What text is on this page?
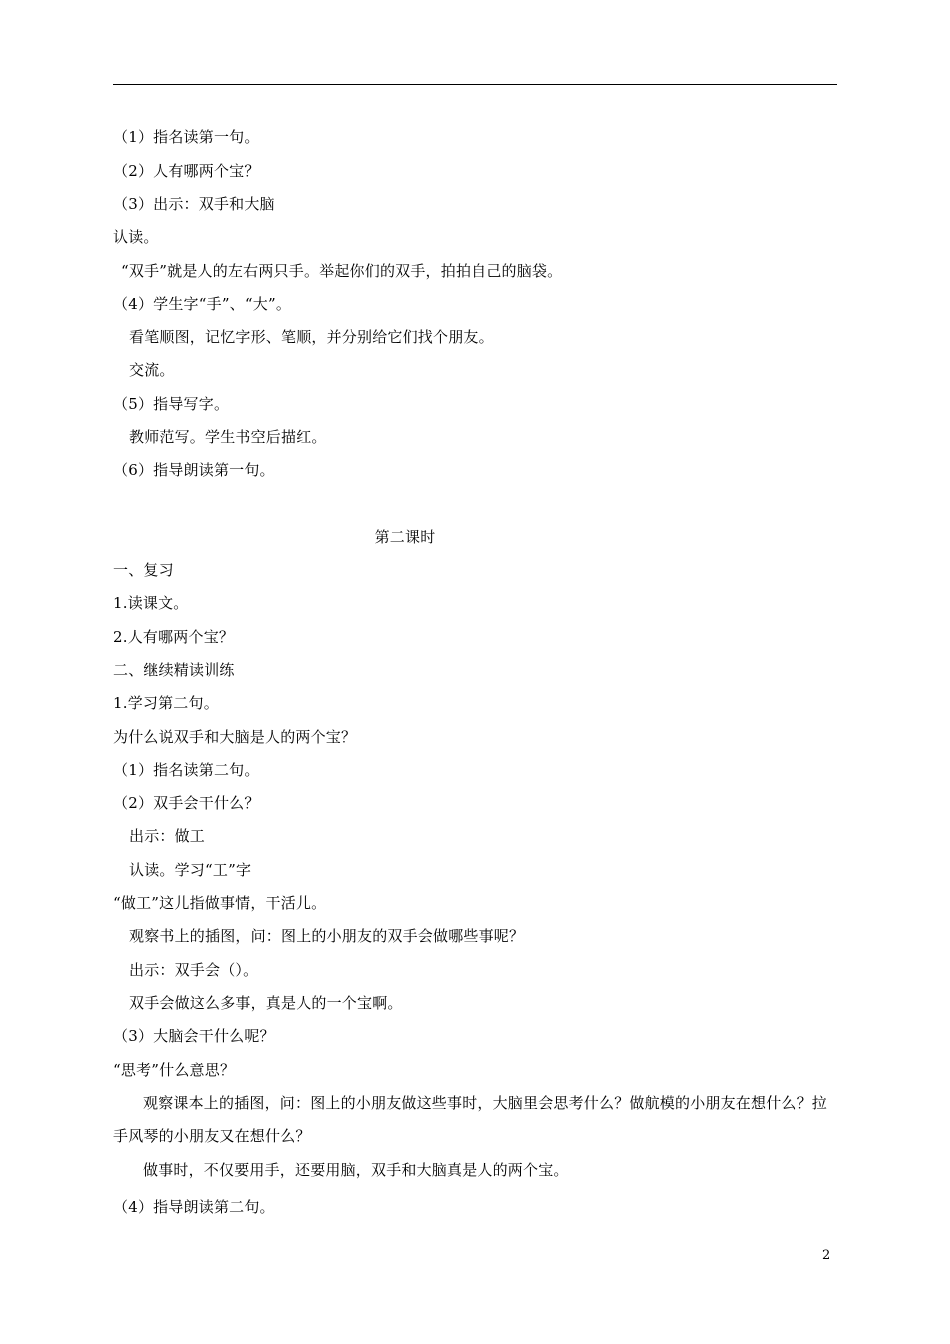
（1）指名读第一句。
（2）人有哪两个宝？
（3）出示：双手和大脑
认读。
“双手”就是人的左右两只手。举起你们的双手，拍拍自己的脑袋。
（4）学生字“手”、“大”。
看笔顺图，记忆字形、笔顺，并分别给它们找个朋友。
交流。
（5）指导写字。
教师范写。学生书空后描红。
（6）指导朗读第一句。
第二课时
一、复习
1.读课文。
2.人有哪两个宝？
二、继续精读训练
1.学习第二句。
为什么说双手和大脑是人的两个宝？
（1）指名读第二句。
（2）双手会干什么？
出示：做工
认读。学习“工”字
“做工”这儿指做事情，干活儿。
观察书上的插图，问：图上的小朋友的双手会做哪些事呢？
出示：双手会（）。
双手会做这么多事，真是人的一个宝啊。
（3）大脑会干什么呢？
“思考”什么意思？
观察课本上的插图，问：图上的小朋友做这些事时，大脑里会思考什么？做航模的小朋友在想什么？拉手风琴的小朋友又在想什么？
做事时，不仅要用手，还要用脑，双手和大脑真是人的两个宝。
（4）指导朗读第二句。
2
